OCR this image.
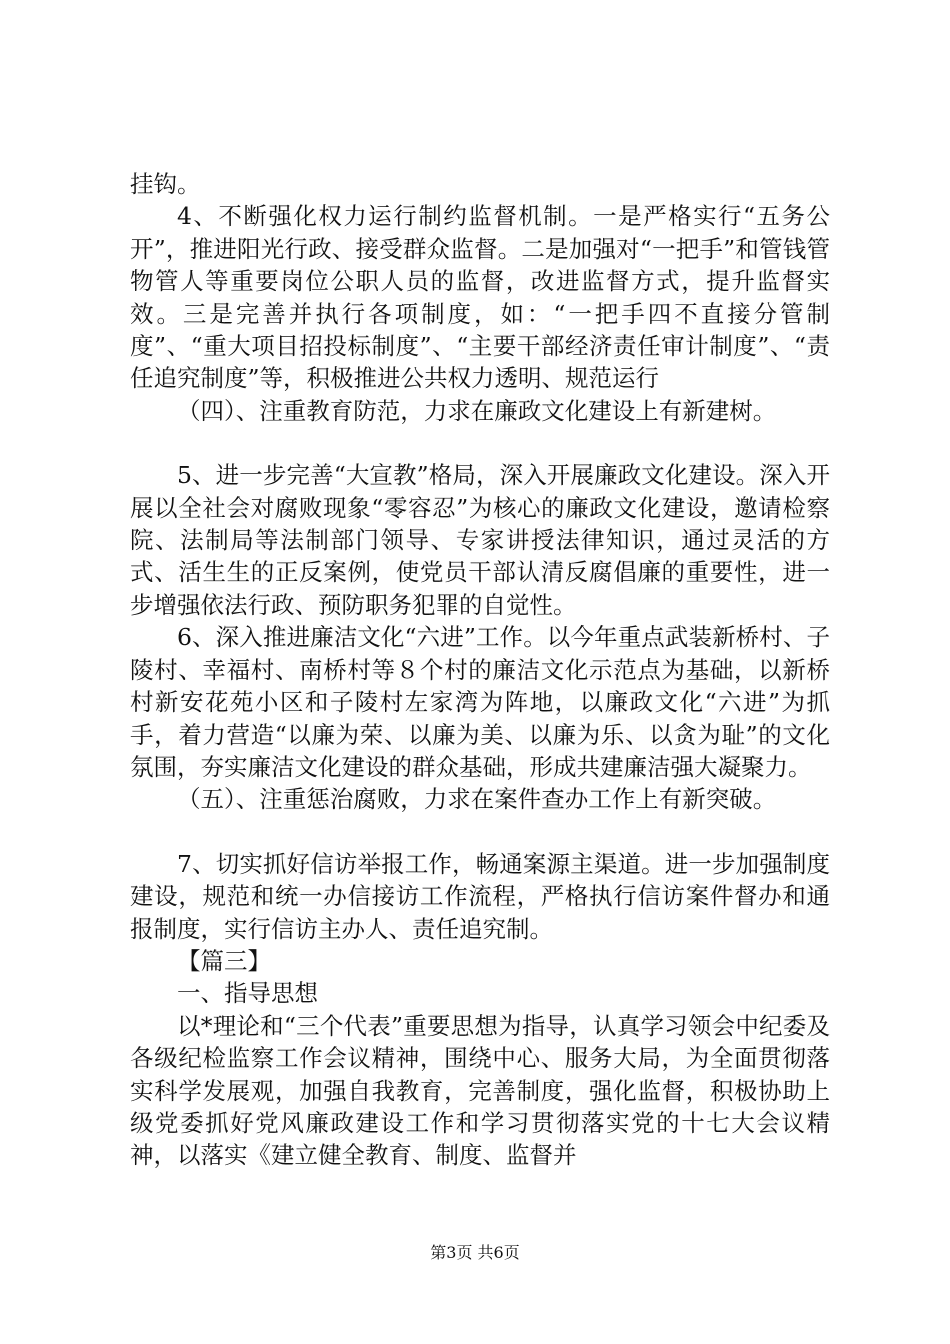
挂钩。

4、不断强化权力运行制约监督机制。一是严格实行“五务公开”，推进阳光行政、接受群众监督。二是加强对“一把手”和管钱管物管人等重要岗位公职人员的监督，改进监督方式，提升监督实效。三是完善并执行各项制度，如：“一把手四不直接分管制度”、“重大项目招投标制度”、“主要干部经济责任审计制度”、“责任追究制度”等，积极推进公共权力透明、规范运行

（四）、注重教育防范，力求在廉政文化建设上有新建树。

5、进一步完善“大宣教”格局，深入开展廉政文化建设。深入开展以全社会对腐败现象“零容忍”为核心的廉政文化建设，邀请检察院、法制局等法制部门领导、专家讲授法律知识，通过灵活的方式、活生生的正反案例，使党员干部认清反腐倡廉的重要性，进一步增强依法行政、预防职务犯罪的自觉性。

6、深入推进廉洁文化“六进”工作。以今年重点武装新桥村、子陵村、幸福村、南桥村等８个村的廉洁文化示范点为基础，以新桥村新安花苑小区和子陵村左家湾为阵地，以廉政文化“六进”为抓手，着力营造“以廉为荣、以廉为美、以廉为乐、以贪为耻”的文化氛围，夯实廉洁文化建设的群众基础，形成共建廉洁强大凝聚力。

（五）、注重惩治腐败，力求在案件查办工作上有新突破。

7、切实抓好信访举报工作，畅通案源主渠道。进一步加强制度建设，规范和统一办信接访工作流程，严格执行信访案件督办和通报制度，实行信访主办人、责任追究制。

【篇三】

一、指导思想

以*理论和“三个代表”重要思想为指导，认真学习领会中纪委及各级纪检监察工作会议精神，围绕中心、服务大局，为全面贯彻落实科学发展观，加强自我教育，完善制度，强化监督，积极协助上级党委抓好党风廉政建设工作和学习贯彻落实党的十七大会议精神，以落实《建立健全教育、制度、监督并

第3页 共6页
